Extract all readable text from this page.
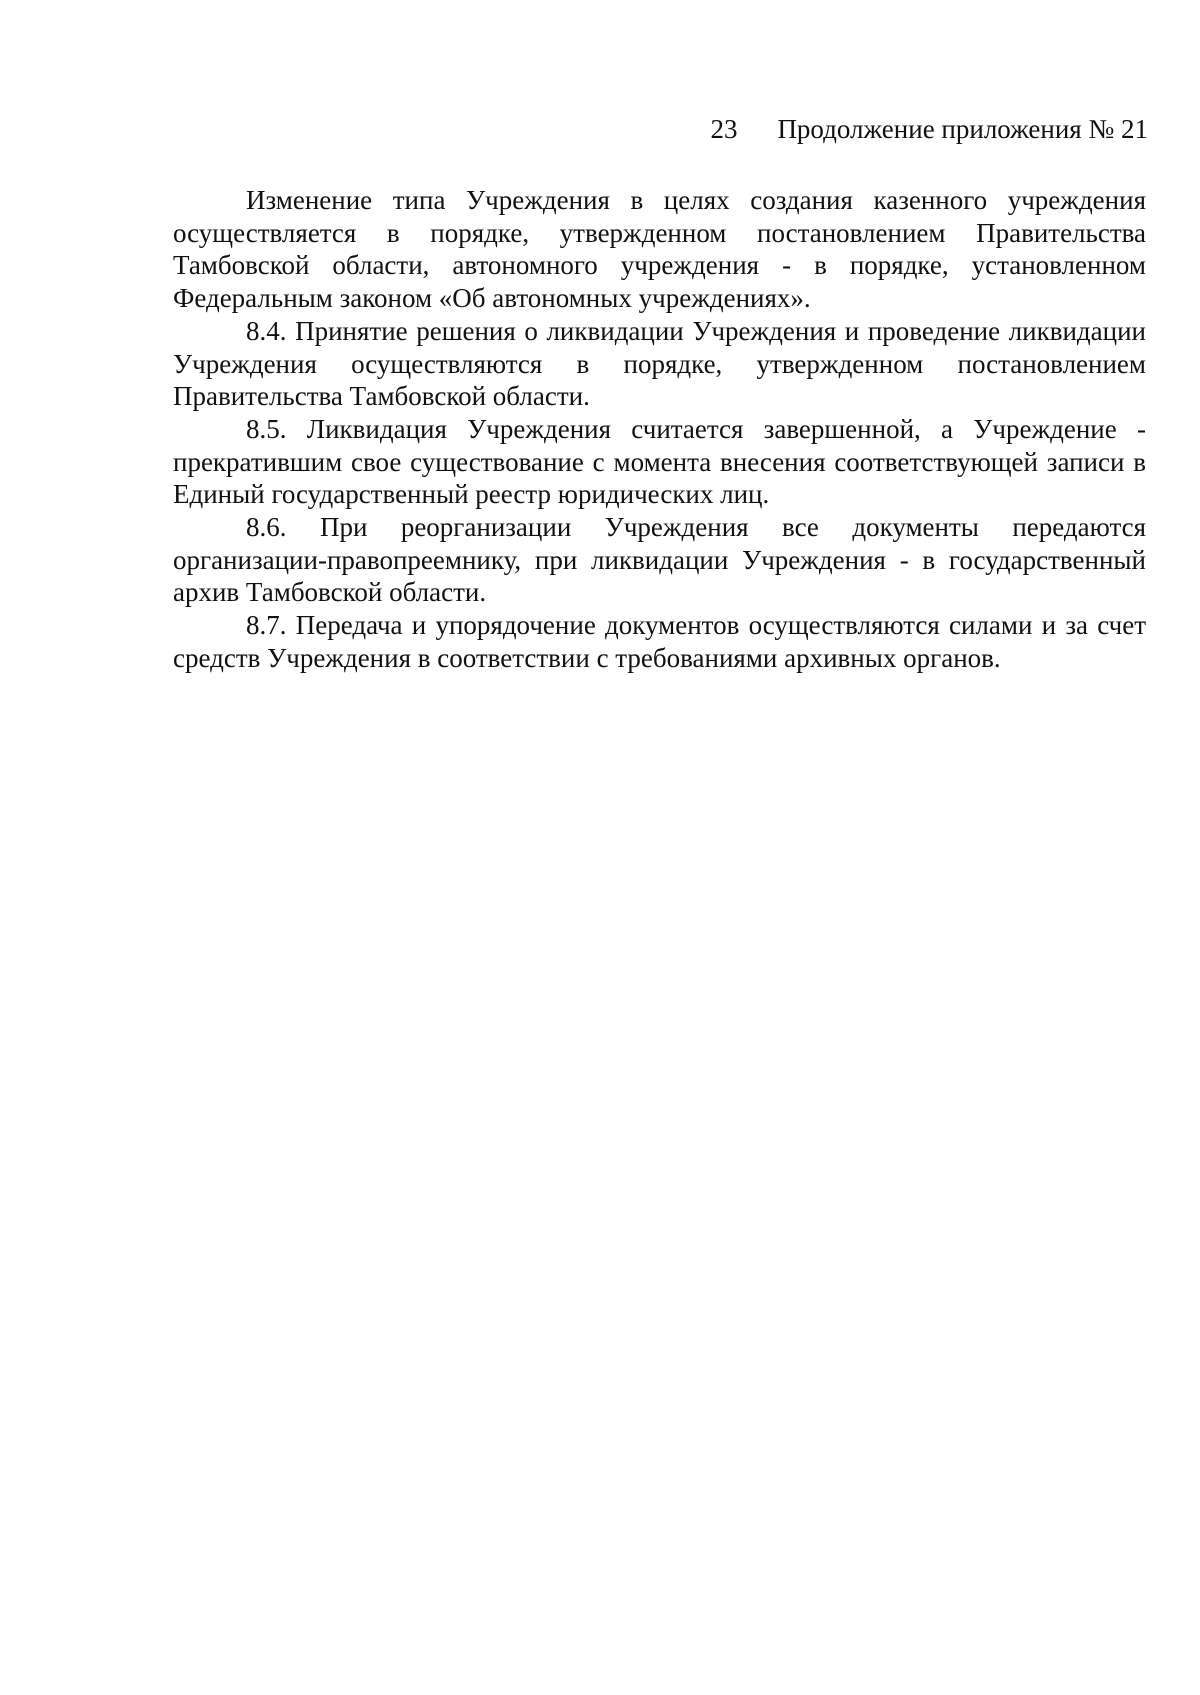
23 Продолжение приложения № 21

Изменение типа Учреждения в целях создания казенного учреждения осуществляется в порядке, утвержденном постановлением Правительства Тамбовской области, автономного учреждения - в порядке, установленном Федеральным законом «Об автономных учреждениях».

8.4. Принятие решения о ликвидации Учреждения и проведение ликвидации Учреждения осуществляются в порядке, утвержденном постановлением Правительства Тамбовской области.

8.5. Ликвидация Учреждения считается завершенной, а Учреждение - прекратившим свое существование с момента внесения соответствующей записи в Единый государственный реестр юридических лиц.

8.6. При реорганизации Учреждения все документы передаются организации-правопреемнику, при ликвидации Учреждения - в государственный архив Тамбовской области.

8.7. Передача и упорядочение документов осуществляются силами и за счет средств Учреждения в соответствии с требованиями архивных органов.
